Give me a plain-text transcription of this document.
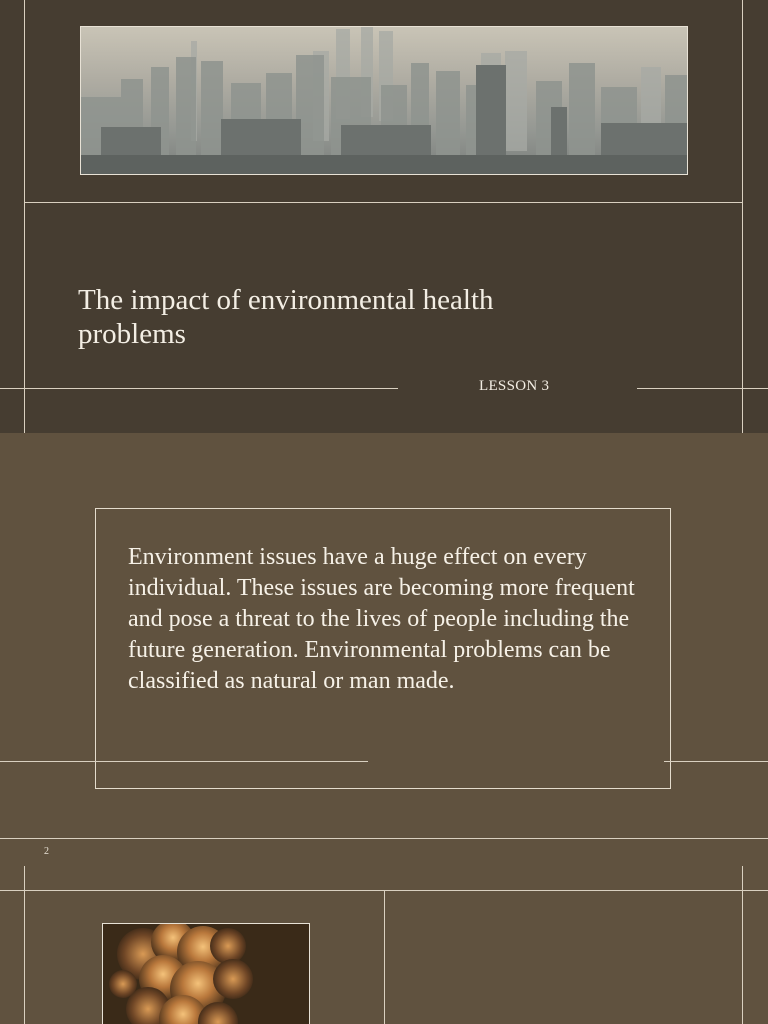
The impact of environmental health problems
LESSON 3

Environment issues have a huge effect on every individual. These issues are becoming more frequent and pose a threat to the lives of people including the future generation. Environmental problems can be classified as natural or man made.

2
